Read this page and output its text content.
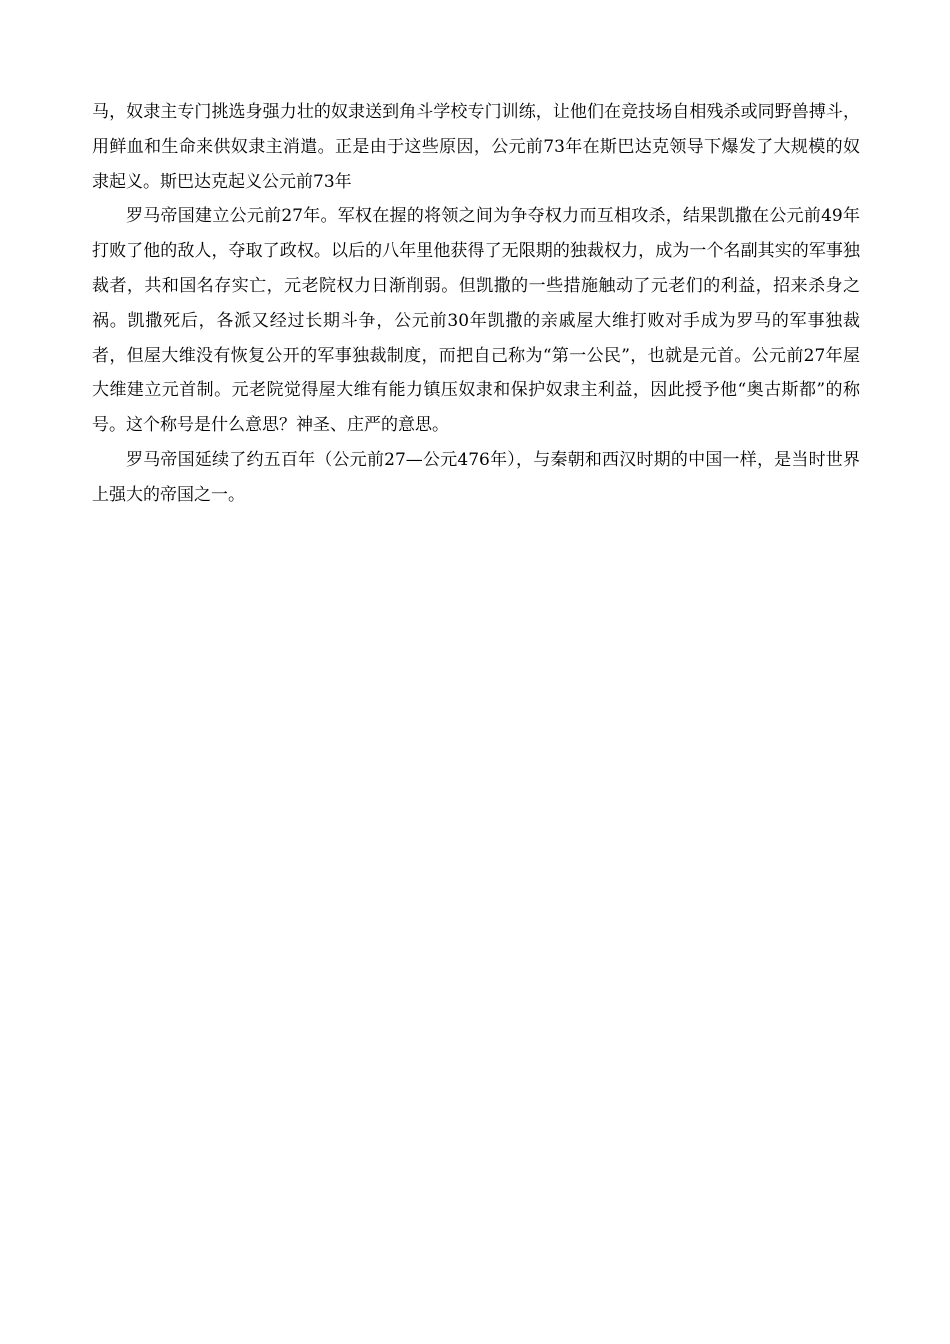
马，奴隶主专门挑选身强力壮的奴隶送到角斗学校专门训练，让他们在竞技场自相残杀或同野兽搏斗，用鲜血和生命来供奴隶主消遣。正是由于这些原因，公元前73年在斯巴达克领导下爆发了大规模的奴隶起义。斯巴达克起义公元前73年

罗马帝国建立公元前27年。军权在握的将领之间为争夺权力而互相攻杀，结果凯撒在公元前49年打败了他的敌人，夺取了政权。以后的八年里他获得了无限期的独裁权力，成为一个名副其实的军事独裁者，共和国名存实亡，元老院权力日渐削弱。但凯撒的一些措施触动了元老们的利益，招来杀身之祸。凯撒死后，各派又经过长期斗争，公元前30年凯撒的亲戚屋大维打败对手成为罗马的军事独裁者，但屋大维没有恢复公开的军事独裁制度，而把自己称为“第一公民”，也就是元首。公元前27年屋大维建立元首制。元老院觉得屋大维有能力镇压奴隶和保护奴隶主利益，因此授予他“奥古斯都”的称号。这个称号是什么意思？神圣、庄严的意思。

罗马帝国延续了约五百年（公元前27—公元476年），与秦朝和西汉时期的中国一样，是当时世界上强大的帝国之一。
